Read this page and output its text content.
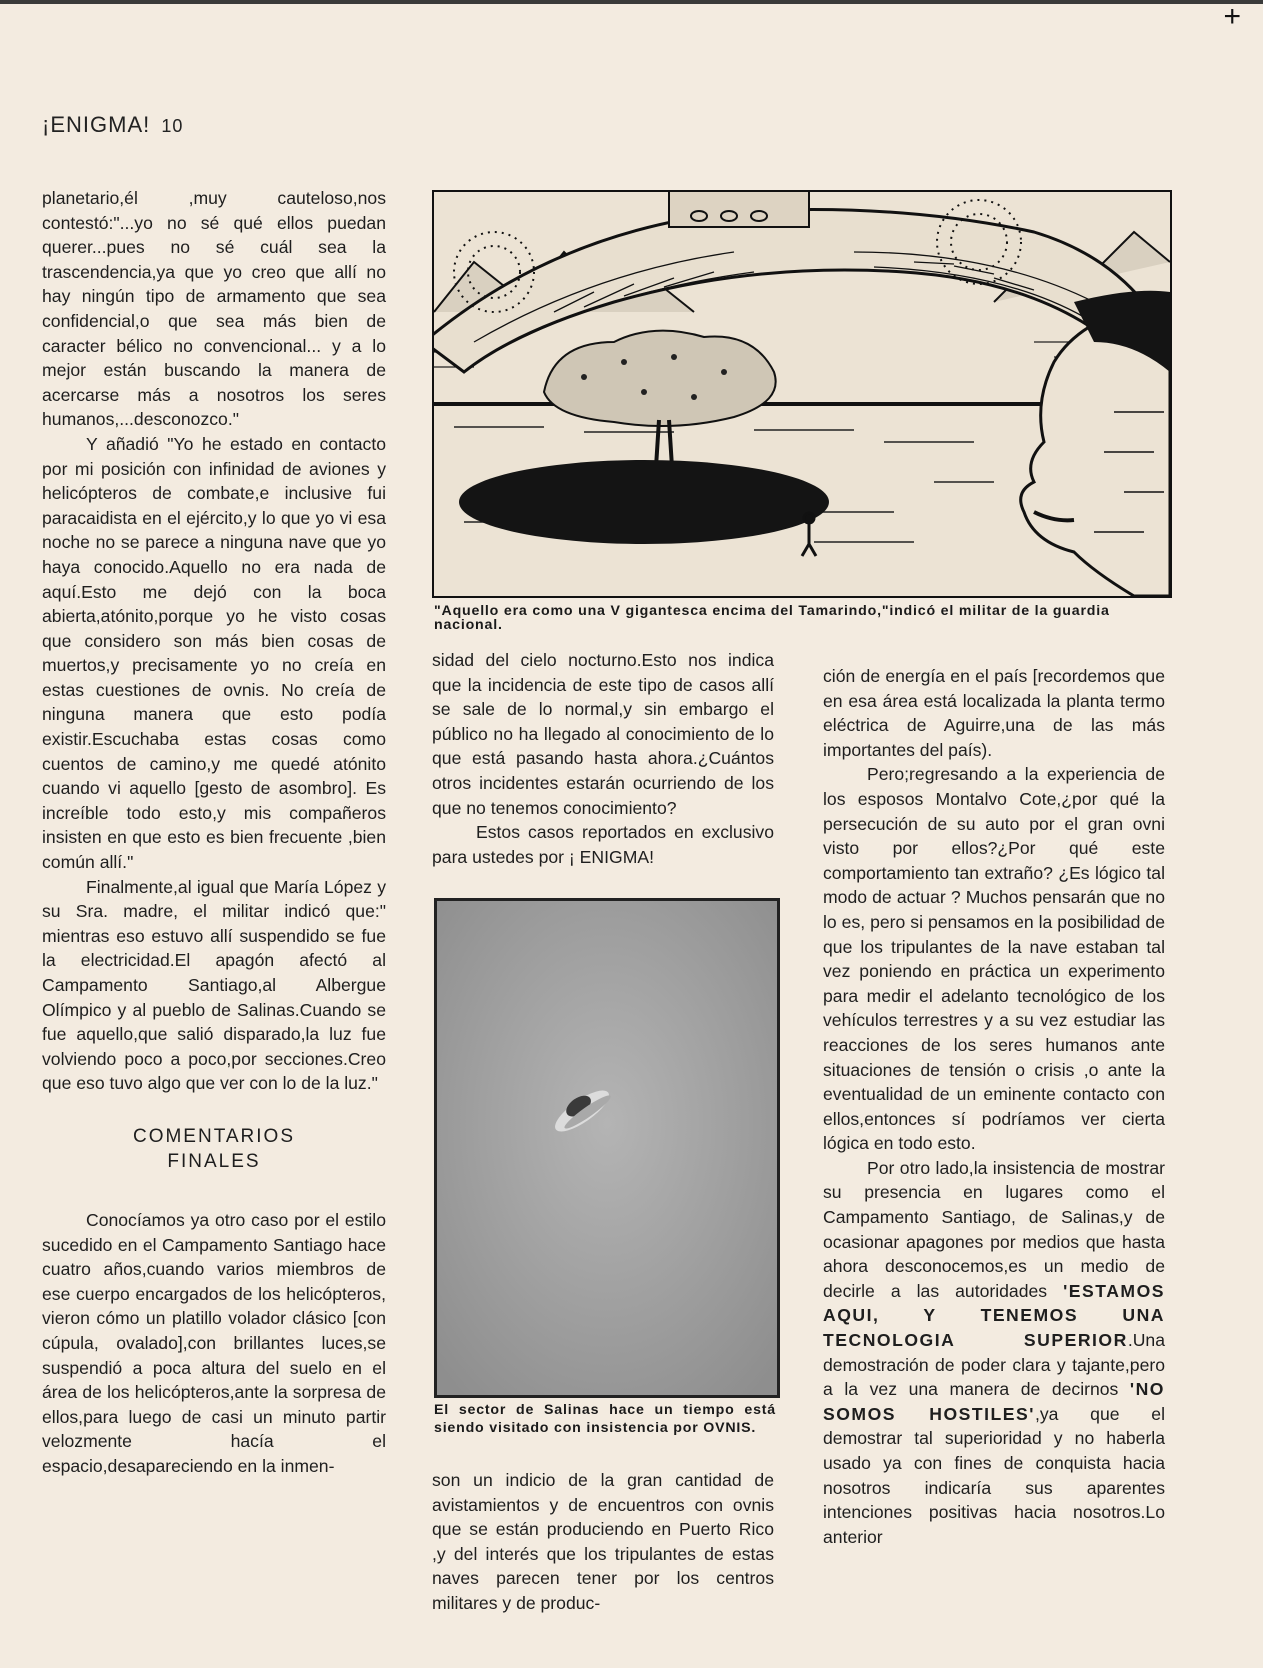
+
¡ENIGMA! 10

planetario,él ,muy cauteloso,nos contestó:"...yo no sé qué ellos puedan querer...pues no sé cuál sea la trascendencia,ya que yo creo que allí no hay ningún tipo de armamento que sea confidencial,o que sea más bien de caracter bélico no convencional... y a lo mejor están buscando la manera de acercarse más a nosotros los seres humanos,...desconozco."

Y añadió "Yo he estado en contacto por mi posición con infinidad de aviones y helicópteros de combate,e inclusive fui paracaidista en el ejército,y lo que yo vi esa noche no se parece a ninguna nave que yo haya conocido.Aquello no era nada de aquí.Esto me dejó con la boca abierta,atónito,porque yo he visto cosas que considero son más bien cosas de muertos,y precisamente yo no creía en estas cuestiones de ovnis. No creía de ninguna manera que esto podía existir.Escuchaba estas cosas como cuentos de camino,y me quedé atónito cuando vi aquello [gesto de asombro]. Es increíble todo esto,y mis compañeros insisten en que esto es bien frecuente ,bien común allí."

Finalmente,al igual que María López y su Sra. madre, el militar indicó que:" mientras eso estuvo allí suspendido se fue la electricidad.El apagón afectó al Campamento Santiago,al Albergue Olímpico y al pueblo de Salinas.Cuando se fue aquello,que salió disparado,la luz fue volviendo poco a poco,por secciones.Creo que eso tuvo algo que ver con lo de la luz."

COMENTARIOS
FINALES

Conocíamos ya otro caso por el estilo sucedido en el Campamento Santiago hace cuatro años,cuando varios miembros de ese cuerpo encargados de los helicópteros, vieron cómo un platillo volador clásico [con cúpula, ovalado],con brillantes luces,se suspendió a poca altura del suelo en el área de los helicópteros,ante la sorpresa de ellos,para luego de casi un minuto partir velozmente hacía el espacio,desapareciendo en la inmen-

"Aquello era como una V gigantesca encima del Tamarindo,"indicó el militar de la guardia nacional.

sidad del cielo nocturno.Esto nos indica que la incidencia de este tipo de casos allí se sale de lo normal,y sin embargo el público no ha llegado al conocimiento de lo que está pasando hasta ahora.¿Cuántos otros incidentes estarán ocurriendo de los que no tenemos conocimiento?

Estos casos reportados en exclusivo para ustedes por ¡ ENIGMA!

El sector de Salinas hace un tiempo está siendo visitado con insistencia por OVNIS.

son un indicio de la gran cantidad de avistamientos y de encuentros con ovnis que se están produciendo en Puerto Rico ,y del interés que los tripulantes de estas naves parecen tener por los centros militares y de produc-

ción de energía en el país [recordemos que en esa área está localizada la planta termo eléctrica de Aguirre,una de las más importantes del país).

Pero;regresando a la experiencia de los esposos Montalvo Cote,¿por qué la persecución de su auto por el gran ovni visto por ellos?¿Por qué este comportamiento tan extraño? ¿Es lógico tal modo de actuar ? Muchos pensarán que no lo es, pero si pensamos en la posibilidad de que los tripulantes de la nave estaban tal vez poniendo en práctica un experimento para medir el adelanto tecnológico de los vehículos terrestres y a su vez estudiar las reacciones de los seres humanos ante situaciones de tensión o crisis ,o ante la eventualidad de un eminente contacto con ellos,entonces sí podríamos ver cierta lógica en todo esto.

Por otro lado,la insistencia de mostrar su presencia en lugares como el Campamento Santiago, de Salinas,y de ocasionar apagones por medios que hasta ahora desconocemos,es un medio de decirle a las autoridades 'ESTAMOS AQUI, Y TENEMOS UNA TECNOLOGIA SUPERIOR.Una demostración de poder clara y tajante,pero a la vez una manera de decirnos 'NO SOMOS HOSTILES',ya que el demostrar tal superioridad y no haberla usado ya con fines de conquista hacia nosotros indicaría sus aparentes intenciones positivas hacia nosotros.Lo anterior
